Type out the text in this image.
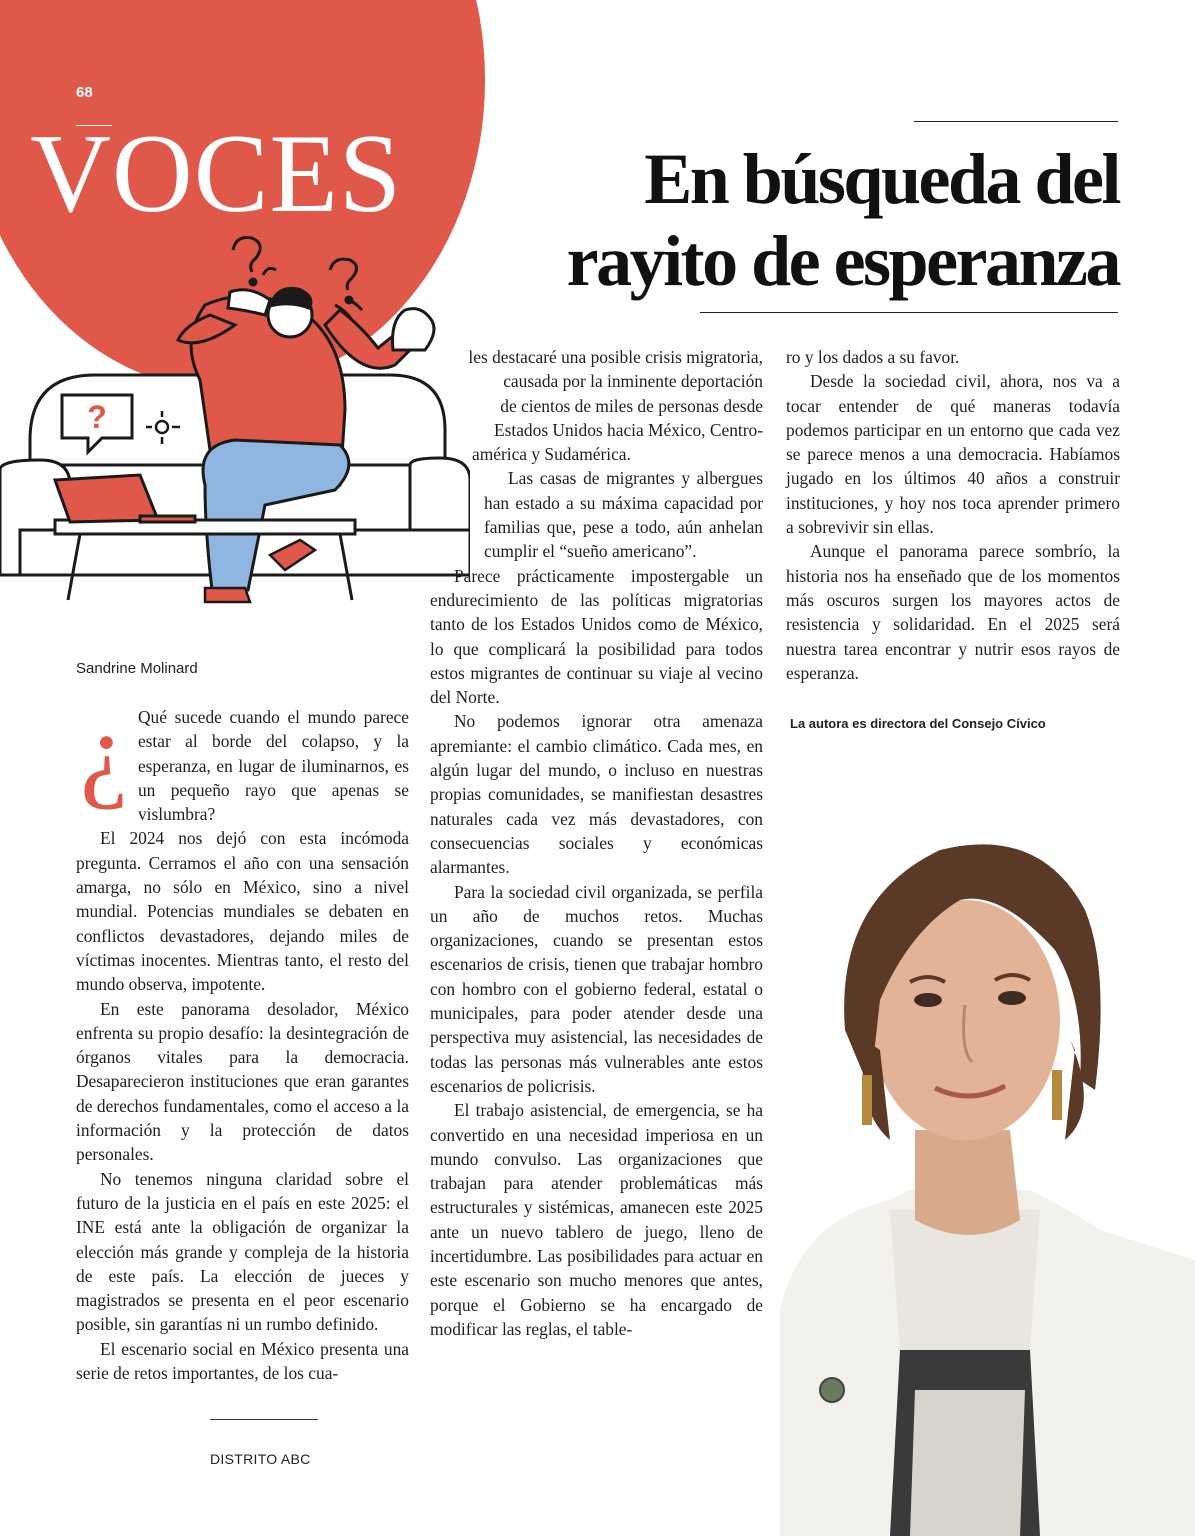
68
VOCES
?
En búsqueda del
rayito de esperanza
Sandrine Molinard
¿ Qué sucede cuando el mundo parece estar al borde del colapso, y la esperanza, en lugar de iluminarnos, es un pequeño rayo que apenas se vislumbra?

El 2024 nos dejó con esta incómoda pregunta. Cerramos el año con una sensación amarga, no sólo en México, sino a nivel mundial. Potencias mundiales se debaten en conflictos devastadores, dejando miles de víctimas inocentes. Mientras tanto, el resto del mundo observa, impotente.

En este panorama desolador, México enfrenta su propio desafío: la desintegración de órganos vitales para la democracia. Desaparecieron instituciones que eran garantes de derechos fundamentales, como el acceso a la información y la protección de datos personales.

No tenemos ninguna claridad sobre el futuro de la justicia en el país en este 2025: el INE está ante la obligación de organizar la elección más grande y compleja de la historia de este país. La elección de jueces y magistrados se presenta en el peor escenario posible, sin garantías ni un rumbo definido.

El escenario social en México presenta una serie de retos importantes, de los cua-

les destacaré una posible crisis migratoria,
causada por la inminente deportación
de cientos de miles de personas desde
Estados Unidos hacia México, Centro-
américa y Sudamérica.

Las casas de migrantes y albergues han estado a su máxima capacidad por familias que, pese a todo, aún anhelan cumplir el “sueño americano”.

Parece prácticamente impostergable un endurecimiento de las políticas migratorias tanto de los Estados Unidos como de México, lo que complicará la posibilidad para todos estos migrantes de continuar su viaje al vecino del Norte.

No podemos ignorar otra amenaza apremiante: el cambio climático. Cada mes, en algún lugar del mundo, o incluso en nuestras propias comunidades, se manifiestan desastres naturales cada vez más devastadores, con consecuencias sociales y económicas alarmantes.

Para la sociedad civil organizada, se perfila un año de muchos retos. Muchas organizaciones, cuando se presentan estos escenarios de crisis, tienen que trabajar hombro con hombro con el gobierno federal, estatal o municipales, para poder atender desde una perspectiva muy asistencial, las necesidades de todas las personas más vulnerables ante estos escenarios de policrisis.

El trabajo asistencial, de emergencia, se ha convertido en una necesidad imperiosa en un mundo convulso. Las organizaciones que trabajan para atender problemáticas más estructurales y sistémicas, amanecen este 2025 ante un nuevo tablero de juego, lleno de incertidumbre. Las posibilidades para actuar en este escenario son mucho menores que antes, porque el Gobierno se ha encargado de modificar las reglas, el table-

ro y los dados a su favor.

Desde la sociedad civil, ahora, nos va a tocar entender de qué maneras todavía podemos participar en un entorno que cada vez se parece menos a una democracia. Habíamos jugado en los últimos 40 años a construir instituciones, y hoy nos toca aprender primero a sobrevivir sin ellas.

Aunque el panorama parece sombrío, la historia nos ha enseñado que de los momentos más oscuros surgen los mayores actos de resistencia y solidaridad. En el 2025 será nuestra tarea encontrar y nutrir esos rayos de esperanza.

La autora es directora del Consejo Cívico
DISTRITO ABC
